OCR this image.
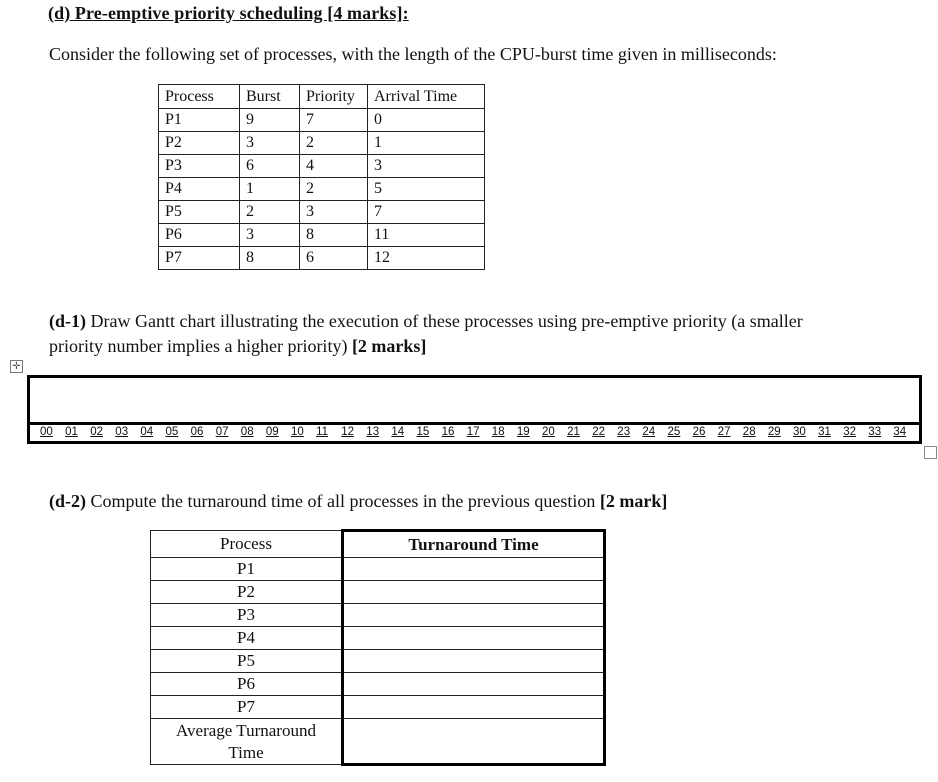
(d) Pre-emptive priority scheduling [4 marks]:
Consider the following set of processes, with the length of the CPU-burst time given in milliseconds:
Process	Burst	Priority	Arrival Time
P1	9	7	0
P2	3	2	1
P3	6	4	3
P4	1	2	5
P5	2	3	7
P6	3	8	11
P7	8	6	12
(d-1) Draw Gantt chart illustrating the execution of these processes using pre-emptive priority (a smaller
priority number implies a higher priority) [2 marks]
✛
00 01 02 03 04 05 06 07 08 09 10 11 12 13 14 15 16 17 18 19 20 21 22 23 24 25 26 27 28 29 30 31 32 33 34
(d-2) Compute the turnaround time of all processes in the previous question [2 mark]
Process	Turnaround Time
P1	
P2	
P3	
P4	
P5	
P6	
P7	
Average Turnaround
Time	
